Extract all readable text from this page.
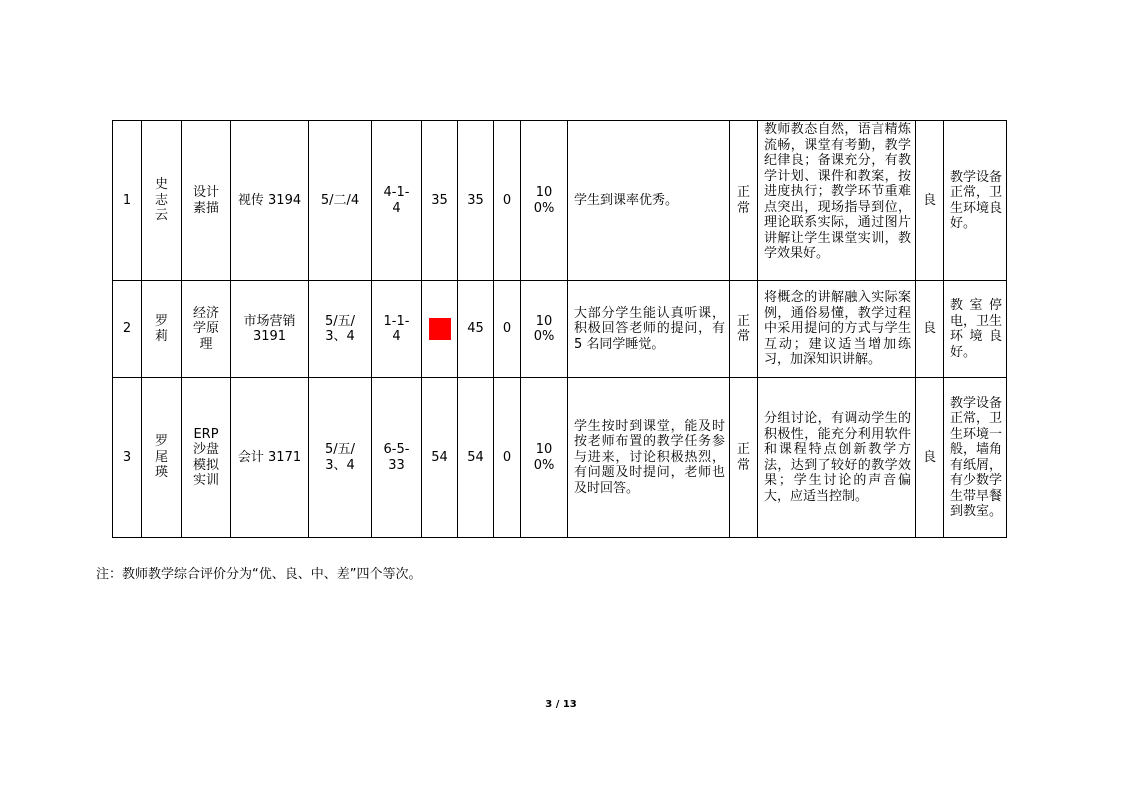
1	史志云	设计素描	视传 3194	5/二/4	4-1-4	35	35	0	100%	学生到课率优秀。	正常	教师教态自然，语言精炼流畅，课堂有考勤，教学纪律良；备课充分，有教学计划、课件和教案，按进度执行；教学环节重难点突出，现场指导到位，理论联系实际，通过图片讲解让学生课堂实训，教学效果好。	良	教学设备正常，卫生环境良好。
2	罗莉	经济学原理	市场营销 3191	5/五/3、4	1-1-4		45	0	100%	大部分学生能认真听课，积极回答老师的提问，有 5 名同学睡觉。	正常	将概念的讲解融入实际案例，通俗易懂，教学过程中采用提问的方式与学生互动；建议适当增加练习，加深知识讲解。	良	教室停电，卫生环境良好。
3	罗尾瑛	ERP 沙盘模拟实训	会计 3171	5/五/3、4	6-5-33	54	54	0	100%	学生按时到课堂，能及时按老师布置的教学任务参与进来，讨论积极热烈，有问题及时提问，老师也及时回答。	正常	分组讨论，有调动学生的积极性，能充分利用软件和课程特点创新教学方法，达到了较好的教学效果；学生讨论的声音偏大，应适当控制。	良	教学设备正常，卫生环境一般，墙角有纸屑，有少数学生带早餐到教室。
注：教师教学综合评价分为“优、良、中、差”四个等次。
3 / 13
